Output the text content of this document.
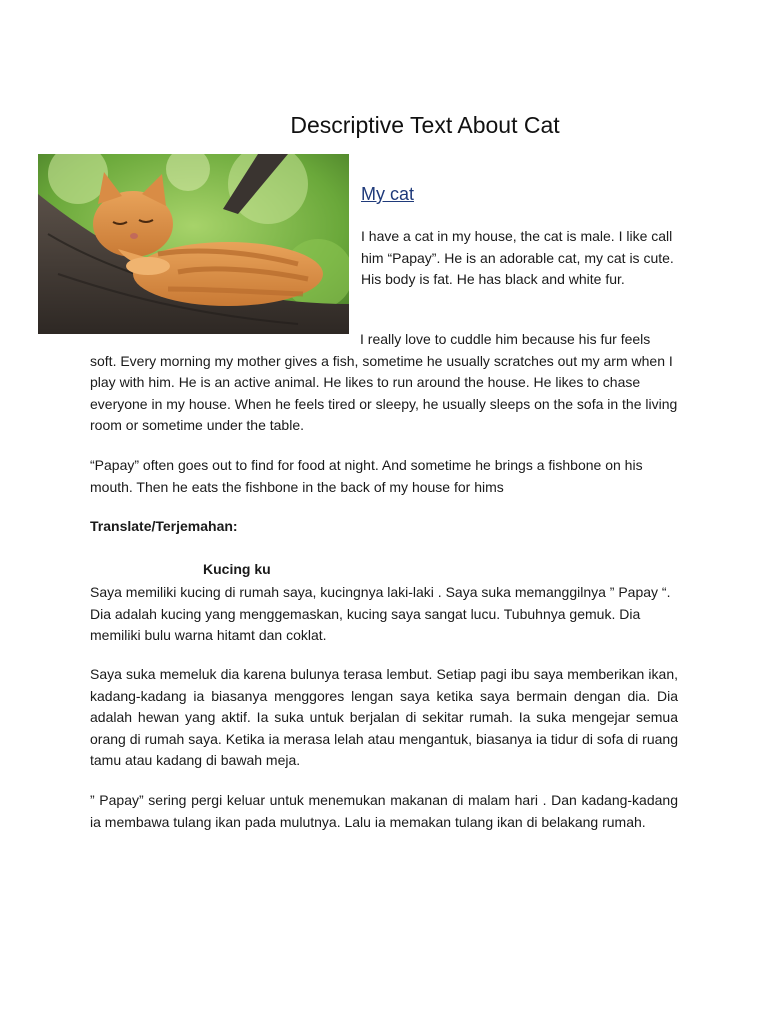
Descriptive Text About Cat
My cat

I have a cat in my house, the cat is male. I like call him “Papay”. He is an adorable cat, my cat is cute. His body is fat. He has black and white fur.

I really love to cuddle him because his fur feels soft. Every morning my mother gives a fish, sometime he usually scratches out my arm when I play with him. He is an active animal. He likes to run around the house. He likes to chase everyone in my house. When he feels tired or sleepy, he usually sleeps on the sofa in the living room or sometime under the table.

“Papay” often goes out to find for food at night. And sometime he brings a fishbone on his mouth. Then he eats the fishbone in the back of my house for hims

Translate/Terjemahan:

Kucing ku

Saya memiliki kucing di rumah saya, kucingnya laki-laki . Saya suka memanggilnya ” Papay “. Dia adalah kucing yang menggemaskan, kucing saya sangat lucu. Tubuhnya gemuk. Dia memiliki bulu warna hitamt dan coklat.

Saya suka memeluk dia karena bulunya terasa lembut. Setiap pagi ibu saya memberikan ikan, kadang-kadang ia biasanya menggores lengan saya ketika saya bermain dengan dia. Dia adalah hewan yang aktif. Ia suka untuk berjalan di sekitar rumah. Ia suka mengejar semua orang di rumah saya. Ketika ia merasa lelah atau mengantuk, biasanya ia tidur di sofa di ruang tamu atau kadang di bawah meja.

” Papay” sering pergi keluar untuk menemukan makanan di malam hari . Dan kadang-kadang ia membawa tulang ikan pada mulutnya. Lalu ia memakan tulang ikan di belakang rumah.
